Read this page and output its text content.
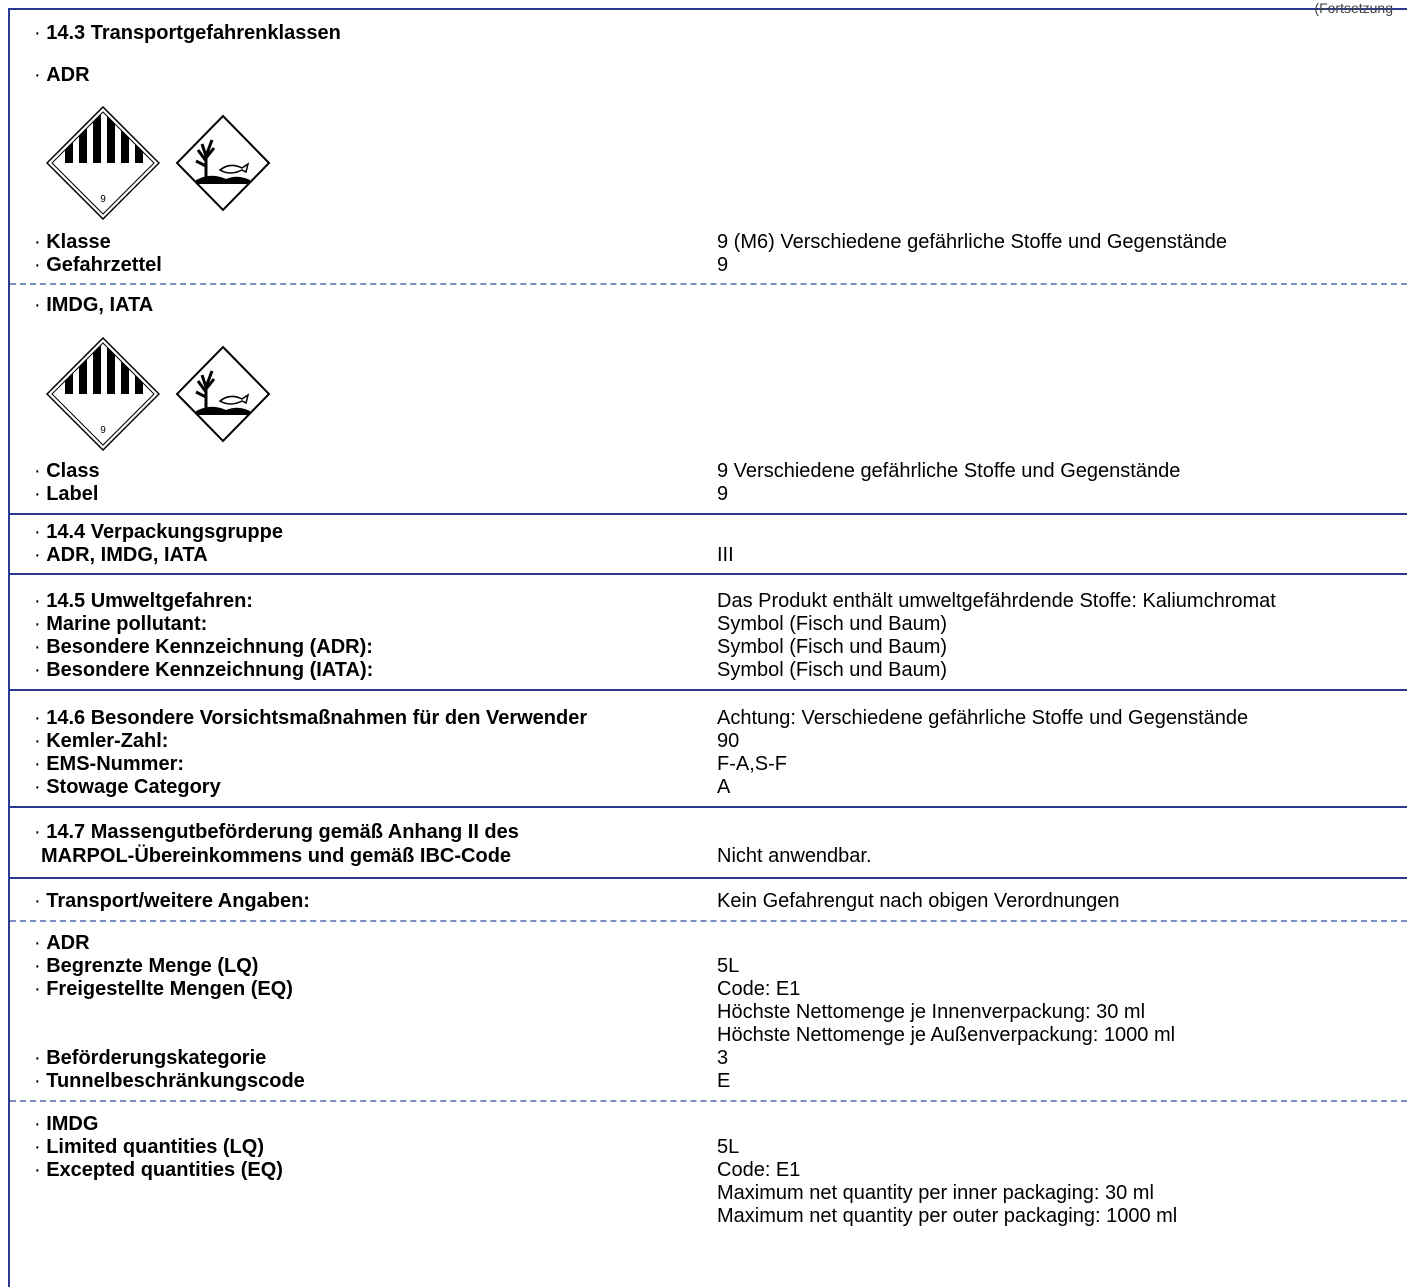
(Fortsetzung
· 14.3 Transportgefahrenklassen
· ADR
9

· Klasse	9 (M6) Verschiedene gefährliche Stoffe und Gegenstände
· Gefahrzettel	9
· IMDG, IATA
9

· Class	9 Verschiedene gefährliche Stoffe und Gegenstände
· Label	9
· 14.4 Verpackungsgruppe
· ADR, IMDG, IATA	III
· 14.5 Umweltgefahren:	Das Produkt enthält umweltgefährdende Stoffe: Kaliumchromat
· Marine pollutant:	Symbol (Fisch und Baum)
· Besondere Kennzeichnung (ADR):	Symbol (Fisch und Baum)
· Besondere Kennzeichnung (IATA):	Symbol (Fisch und Baum)
· 14.6 Besondere Vorsichtsmaßnahmen für den Verwender	Achtung: Verschiedene gefährliche Stoffe und Gegenstände
· Kemler-Zahl:	90
· EMS-Nummer:	F-A,S-F
· Stowage Category	A
· 14.7 Massengutbeförderung gemäß Anhang II des
MARPOL-Übereinkommens und gemäß IBC-Code	Nicht anwendbar.
· Transport/weitere Angaben:	Kein Gefahrengut nach obigen Verordnungen
· ADR
· Begrenzte Menge (LQ)	5L
· Freigestellte Mengen (EQ)	Code: E1
Höchste Nettomenge je Innenverpackung: 30 ml
Höchste Nettomenge je Außenverpackung: 1000 ml
· Beförderungskategorie	3
· Tunnelbeschränkungscode	E
· IMDG
· Limited quantities (LQ)	5L
· Excepted quantities (EQ)	Code: E1
Maximum net quantity per inner packaging: 30 ml
Maximum net quantity per outer packaging: 1000 ml
